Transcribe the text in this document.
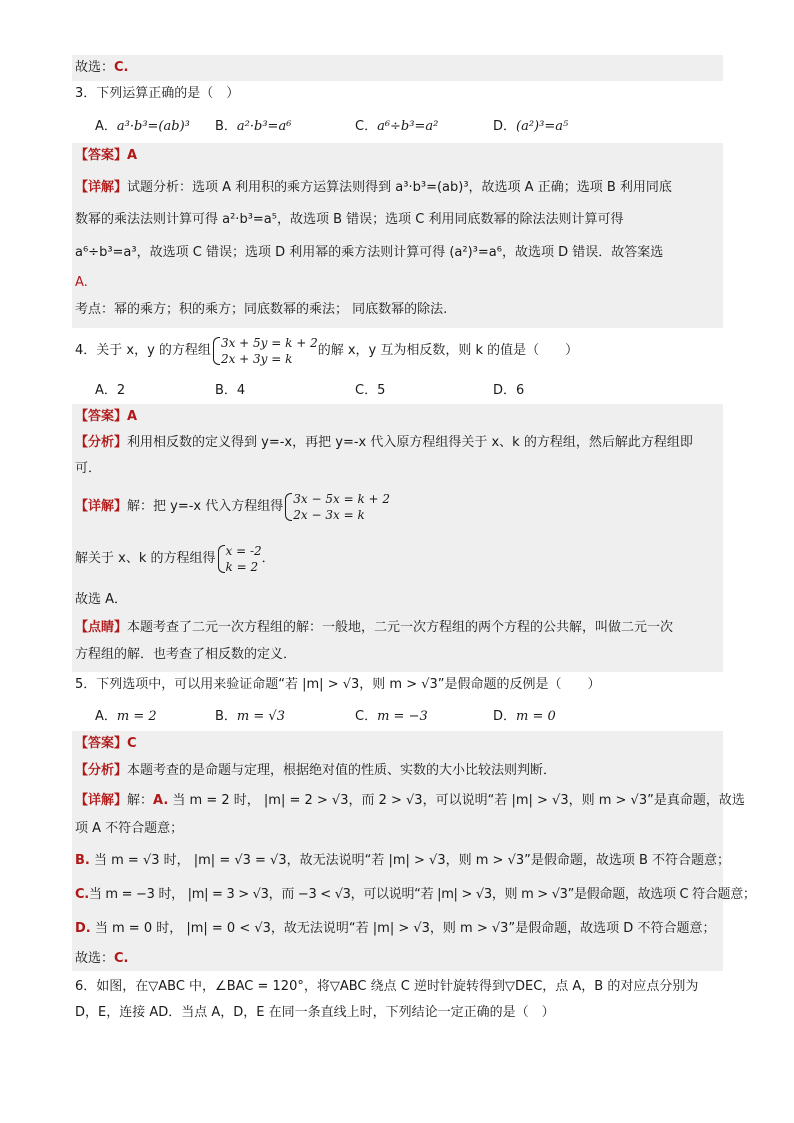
故选：C.
3．下列运算正确的是（　）
A．a³·b³=(ab)³ B．a²·b³=a⁶	C．a⁶÷b³=a²	D．(a²)³=a⁵
【答案】A
【详解】试题分析：选项 A 利用积的乘方运算法则得到 a³·b³=(ab)³，故选项 A 正确；选项 B 利用同底
数幂的乘法法则计算可得 a²·b³=a⁵，故选项 B 错误；选项 C 利用同底数幂的除法法则计算可得
a⁶÷b³=a³，故选项 C 错误；选项 D 利用幂的乘方法则计算可得 (a²)³=a⁶，故选项 D 错误．故答案选
A.
考点：幂的乘方；积的乘方；同底数幂的乘法； 同底数幂的除法.
4．关于 x，y 的方程组
3x + 5y = k + 2
2x + 3y = k
的解 x，y 互为相反数，则 k 的值是（　　）
A．2	B．4	C．5	D．6
【答案】A
【分析】利用相反数的定义得到 y=-x，再把 y=-x 代入原方程组得关于 x、k 的方程组，然后解此方程组即
可．
【详解】解：把 y=-x 代入方程组得
3x − 5x = k + 2
2x − 3x = k
解关于 x、k 的方程组得
x = -2
k = 2
．
故选 A．
【点睛】本题考查了二元一次方程组的解：一般地，二元一次方程组的两个方程的公共解，叫做二元一次
方程组的解．也考查了相反数的定义．
5．下列选项中，可以用来验证命题“若 |m| > √3，则 m > √3”是假命题的反例是（　　）
A．m = 2	B．m = √3	C．m = −3	D．m = 0
【答案】C
【分析】本题考查的是命题与定理，根据绝对值的性质、实数的大小比较法则判断．
【详解】解：A. 当 m = 2 时， |m| = 2 > √3，而 2 > √3，可以说明“若 |m| > √3，则 m > √3”是真命题，故选
项 A 不符合题意；
B. 当 m = √3 时， |m| = √3 = √3，故无法说明“若 |m| > √3，则 m > √3”是假命题，故选项 B 不符合题意；
C.当 m = −3 时， |m| = 3 > √3，而 −3 < √3，可以说明“若 |m| > √3，则 m > √3”是假命题，故选项 C 符合题意；
D. 当 m = 0 时， |m| = 0 < √3，故无法说明“若 |m| > √3，则 m > √3”是假命题，故选项 D 不符合题意；
故选：C.
6．如图，在▽ABC 中，∠BAC = 120°，将▽ABC 绕点 C 逆时针旋转得到▽DEC，点 A，B 的对应点分别为
D，E，连接 AD．当点 A，D，E 在同一条直线上时，下列结论一定正确的是（　）
